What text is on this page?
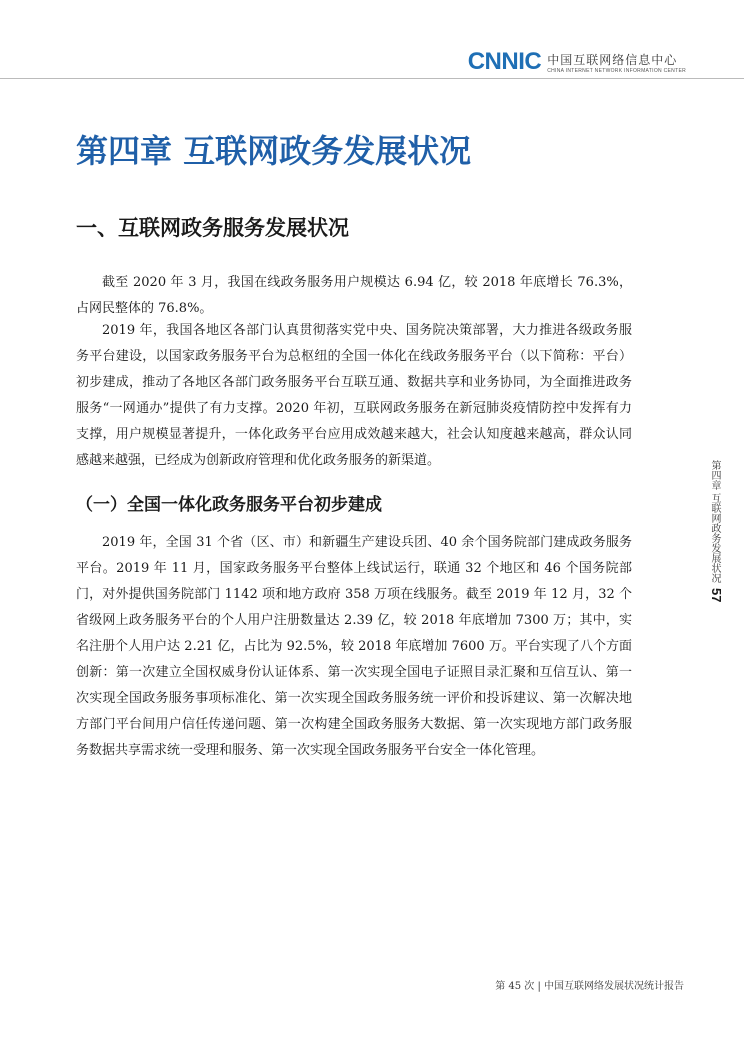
CNNIC 中国互联网络信息中心
CHINA INTERNET NETWORK INFORMATION CENTER
第四章 互联网政务发展状况
一、互联网政务服务发展状况

截至 2020 年 3 月，我国在线政务服务用户规模达 6.94 亿，较 2018 年底增长 76.3%，占网民整体的 76.8%。

2019 年，我国各地区各部门认真贯彻落实党中央、国务院决策部署，大力推进各级政务服务平台建设，以国家政务服务平台为总枢纽的全国一体化在线政务服务平台（以下简称：平台）初步建成，推动了各地区各部门政务服务平台互联互通、数据共享和业务协同，为全面推进政务服务“一网通办”提供了有力支撑。2020 年初，互联网政务服务在新冠肺炎疫情防控中发挥有力支撑，用户规模显著提升，一体化政务平台应用成效越来越大，社会认知度越来越高，群众认同感越来越强，已经成为创新政府管理和优化政务服务的新渠道。

（一）全国一体化政务服务平台初步建成

2019 年，全国 31 个省（区、市）和新疆生产建设兵团、40 余个国务院部门建成政务服务平台。2019 年 11 月，国家政务服务平台整体上线试运行，联通 32 个地区和 46 个国务院部门，对外提供国务院部门 1142 项和地方政府 358 万项在线服务。截至 2019 年 12 月，32 个省级网上政务服务平台的个人用户注册数量达 2.39 亿，较 2018 年底增加 7300 万；其中，实名注册个人用户达 2.21 亿，占比为 92.5%，较 2018 年底增加 7600 万。平台实现了八个方面创新：第一次建立全国权威身份认证体系、第一次实现全国电子证照目录汇聚和互信互认、第一次实现全国政务服务事项标准化、第一次实现全国政务服务统一评价和投诉建议、第一次解决地方部门平台间用户信任传递问题、第一次构建全国政务服务大数据、第一次实现地方部门政务服务数据共享需求统一受理和服务、第一次实现全国政务服务平台安全一体化管理。

第四章 互联网政务发展状况
57
第 45 次 | 中国互联网络发展状况统计报告
